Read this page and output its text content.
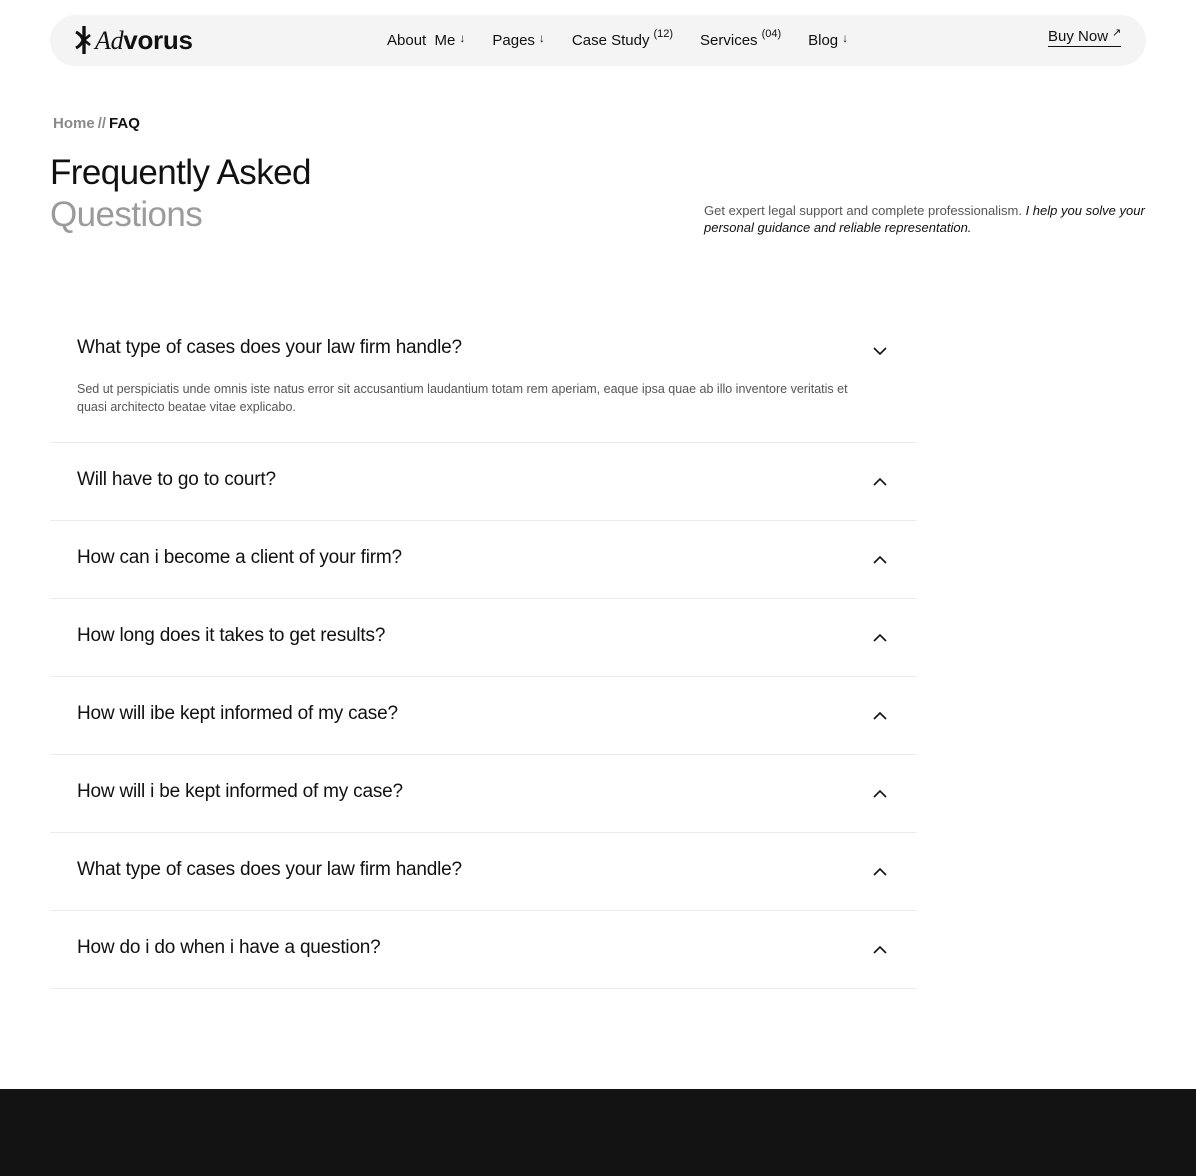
Advorus	About  Me ↓ Pages ↓ Case Study $^{(12)}$ Services $^{(04)}$ Blog ↓	Buy Now ↗
Home // FAQ
Frequently Asked
Questions	Get expert legal support and complete professionalism. I help you solve your personal guidance and reliable representation.

What type of cases does your law firm handle?

Sed ut perspiciatis unde omnis iste natus error sit accusantium laudantium totam rem aperiam, eaque ipsa quae ab illo inventore veritatis et quasi architecto beatae vitae explicabo.

Will have to go to court?
How can i become a client of your firm?
How long does it takes to get results?
How will ibe kept informed of my case?
How will i be kept informed of my case?
What type of cases does your law firm handle?
How do i do when i have a question?
